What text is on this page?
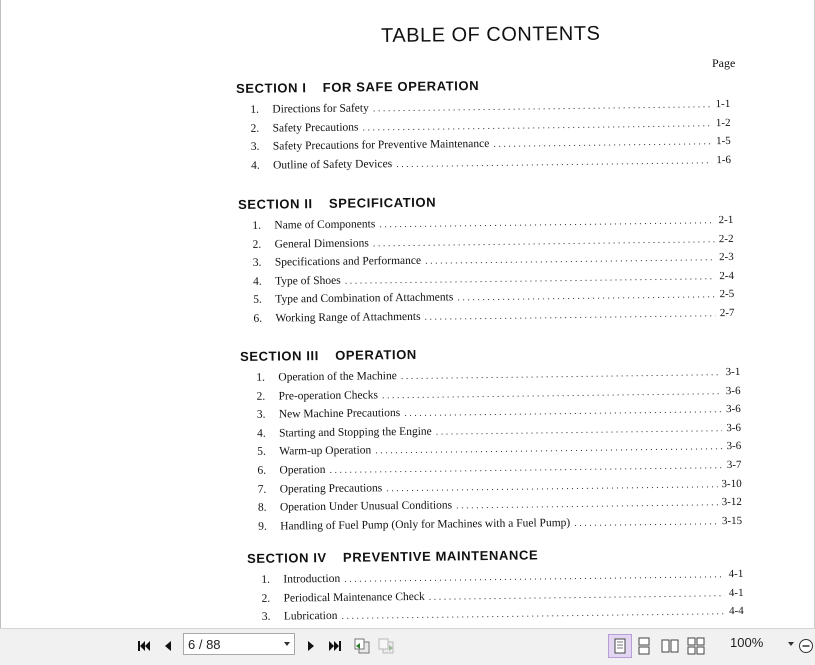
TABLE OF CONTENTS
Page
SECTION I FOR SAFE OPERATION
1.	Directions for Safety . . .	1-1
2.	Safety Precautions . . .	1-2
3.	Safety Precautions for Preventive Maintenance . . .	1-5
4.	Outline of Safety Devices . . .	1-6
SECTION II SPECIFICATION
1.	Name of Components . . .	2-1
2.	General Dimensions . . .	2-2
3.	Specifications and Performance . . .	2-3
4.	Type of Shoes . . .	2-4
5.	Type and Combination of Attachments . . .	2-5
6.	Working Range of Attachments . . .	2-7
SECTION III OPERATION
1.	Operation of the Machine . . .	3-1
2.	Pre-operation Checks . . .	3-6
3.	New Machine Precautions . . .	3-6
4.	Starting and Stopping the Engine . . .	3-6
5.	Warm-up Operation . . .	3-6
6.	Operation . . .	3-7
7.	Operating Precautions . . .	3-10
8.	Operation Under Unusual Conditions . . .	3-12
9.	Handling of Fuel Pump (Only for Machines with a Fuel Pump) . . .	3-15
SECTION IV PREVENTIVE MAINTENANCE
1.	Introduction . . .	4-1
2.	Periodical Maintenance Check . . .	4-1
3.	Lubrication . . .	4-4
6 / 88	100%
